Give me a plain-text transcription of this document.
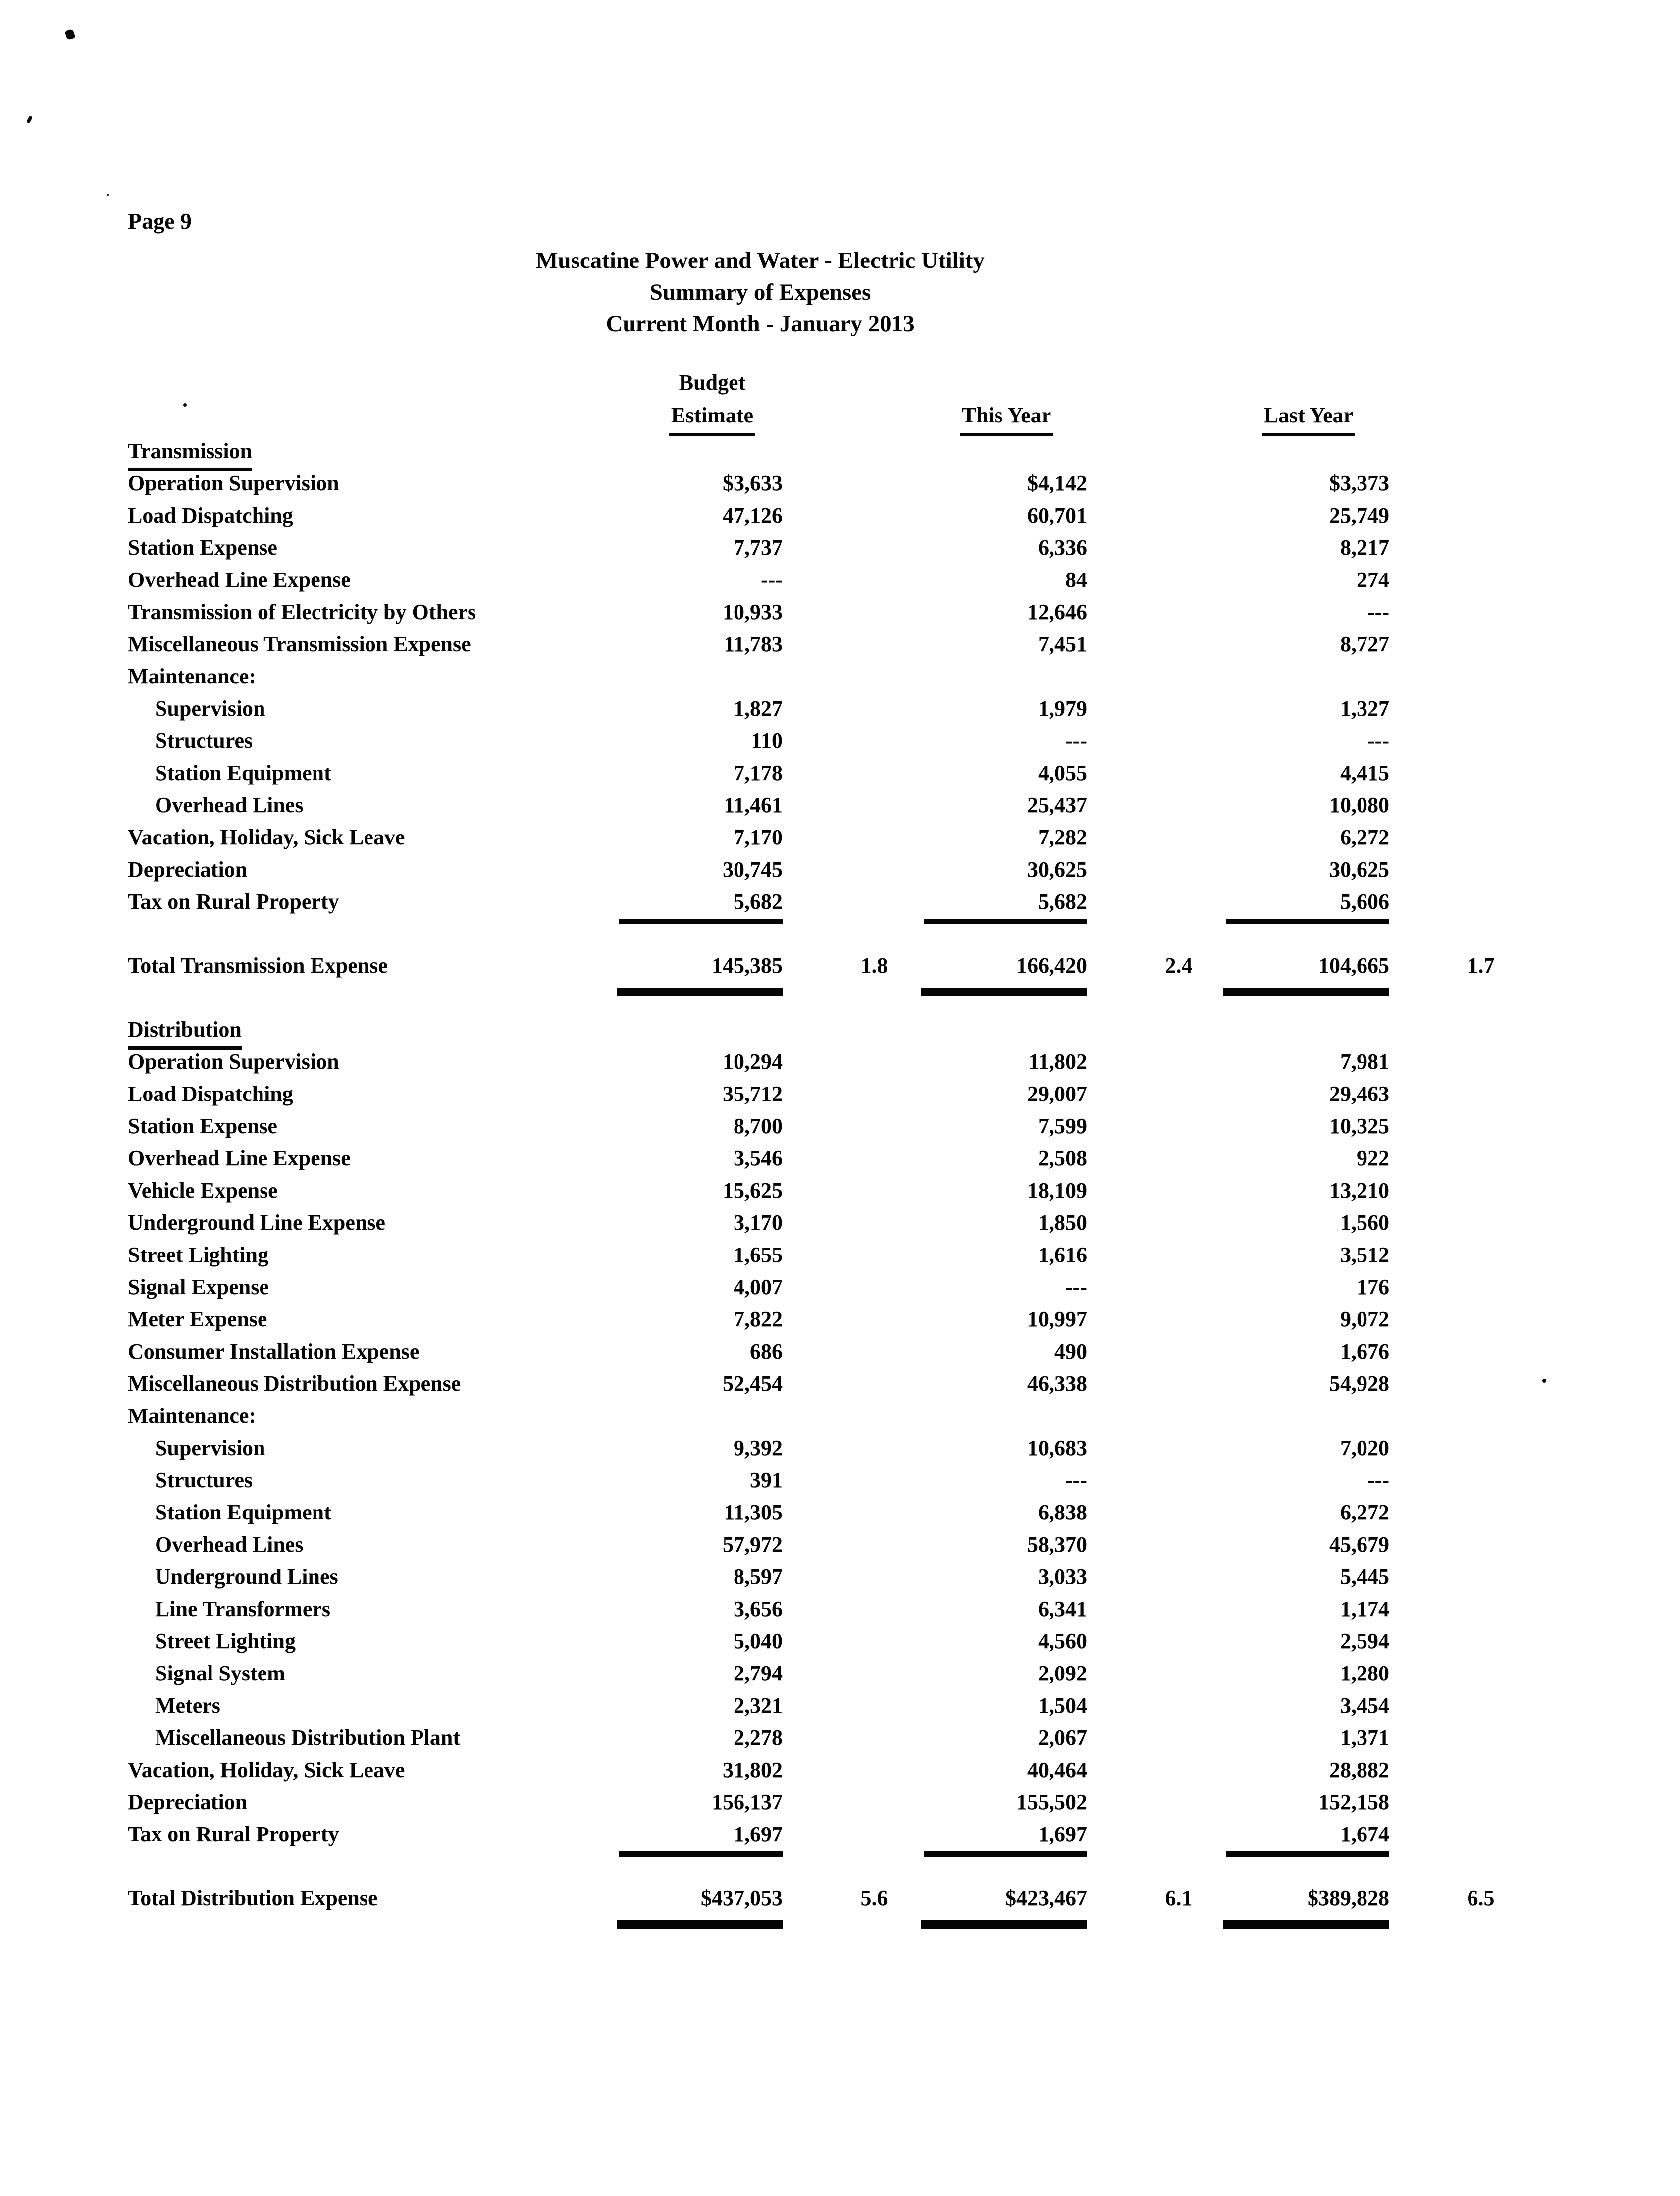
Page 9
Muscatine Power and Water - Electric Utility
Summary of Expenses
Current Month - January 2013
Budget
Estimate	This Year	Last Year
Transmission
Operation Supervision	$3,633	$4,142	$3,373
Load Dispatching	47,126	60,701	25,749
Station Expense	7,737	6,336	8,217
Overhead Line Expense	---	84	274
Transmission of Electricity by Others	10,933	12,646	---
Miscellaneous Transmission Expense	11,783	7,451	8,727
Maintenance:
Supervision	1,827	1,979	1,327
Structures	110	---	---
Station Equipment	7,178	4,055	4,415
Overhead Lines	11,461	25,437	10,080
Vacation, Holiday, Sick Leave	7,170	7,282	6,272
Depreciation	30,745	30,625	30,625
Tax on Rural Property	5,682	5,682	5,606
Total Transmission Expense	145,385	1.8	166,420	2.4	104,665	1.7
Distribution
Operation Supervision	10,294	11,802	7,981
Load Dispatching	35,712	29,007	29,463
Station Expense	8,700	7,599	10,325
Overhead Line Expense	3,546	2,508	922
Vehicle Expense	15,625	18,109	13,210
Underground Line Expense	3,170	1,850	1,560
Street Lighting	1,655	1,616	3,512
Signal Expense	4,007	---	176
Meter Expense	7,822	10,997	9,072
Consumer Installation Expense	686	490	1,676
Miscellaneous Distribution Expense	52,454	46,338	54,928
Maintenance:
Supervision	9,392	10,683	7,020
Structures	391	---	---
Station Equipment	11,305	6,838	6,272
Overhead Lines	57,972	58,370	45,679
Underground Lines	8,597	3,033	5,445
Line Transformers	3,656	6,341	1,174
Street Lighting	5,040	4,560	2,594
Signal System	2,794	2,092	1,280
Meters	2,321	1,504	3,454
Miscellaneous Distribution Plant	2,278	2,067	1,371
Vacation, Holiday, Sick Leave	31,802	40,464	28,882
Depreciation	156,137	155,502	152,158
Tax on Rural Property	1,697	1,697	1,674
Total Distribution Expense	$437,053	5.6	$423,467	6.1	$389,828	6.5
